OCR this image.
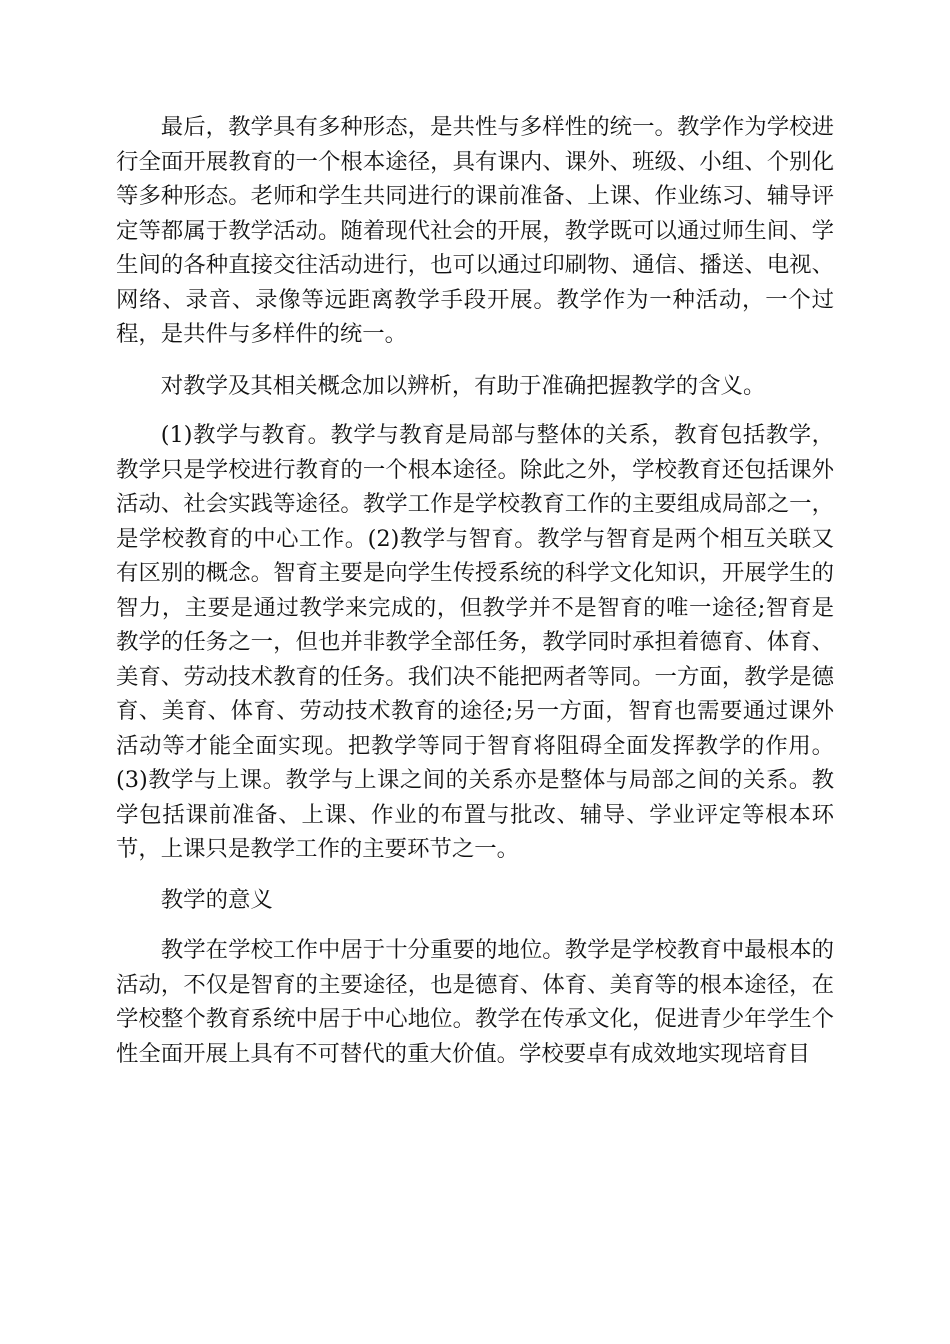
最后，教学具有多种形态，是共性与多样性的统一。教学作为学校进行全面开展教育的一个根本途径，具有课内、课外、班级、小组、个别化等多种形态。老师和学生共同进行的课前准备、上课、作业练习、辅导评定等都属于教学活动。随着现代社会的开展，教学既可以通过师生间、学生间的各种直接交往活动进行，也可以通过印刷物、通信、播送、电视、网络、录音、录像等远距离教学手段开展。教学作为一种活动，一个过程，是共件与多样件的统一。

对教学及其相关概念加以辨析，有助于准确把握教学的含义。

(1)教学与教育。教学与教育是局部与整体的关系，教育包括教学，教学只是学校进行教育的一个根本途径。除此之外，学校教育还包括课外活动、社会实践等途径。教学工作是学校教育工作的主要组成局部之一，是学校教育的中心工作。(2)教学与智育。教学与智育是两个相互关联又有区别的概念。智育主要是向学生传授系统的科学文化知识，开展学生的智力，主要是通过教学来完成的，但教学并不是智育的唯一途径;智育是教学的任务之一，但也并非教学全部任务，教学同时承担着德育、体育、美育、劳动技术教育的任务。我们决不能把两者等同。一方面，教学是德育、美育、体育、劳动技术教育的途径;另一方面，智育也需要通过课外活动等才能全面实现。把教学等同于智育将阻碍全面发挥教学的作用。(3)教学与上课。教学与上课之间的关系亦是整体与局部之间的关系。教学包括课前准备、上课、作业的布置与批改、辅导、学业评定等根本环节，上课只是教学工作的主要环节之一。

教学的意义

教学在学校工作中居于十分重要的地位。教学是学校教育中最根本的活动，不仅是智育的主要途径，也是德育、体育、美育等的根本途径，在学校整个教育系统中居于中心地位。教学在传承文化，促进青少年学生个性全面开展上具有不可替代的重大价值。学校要卓有成效地实现培育目
